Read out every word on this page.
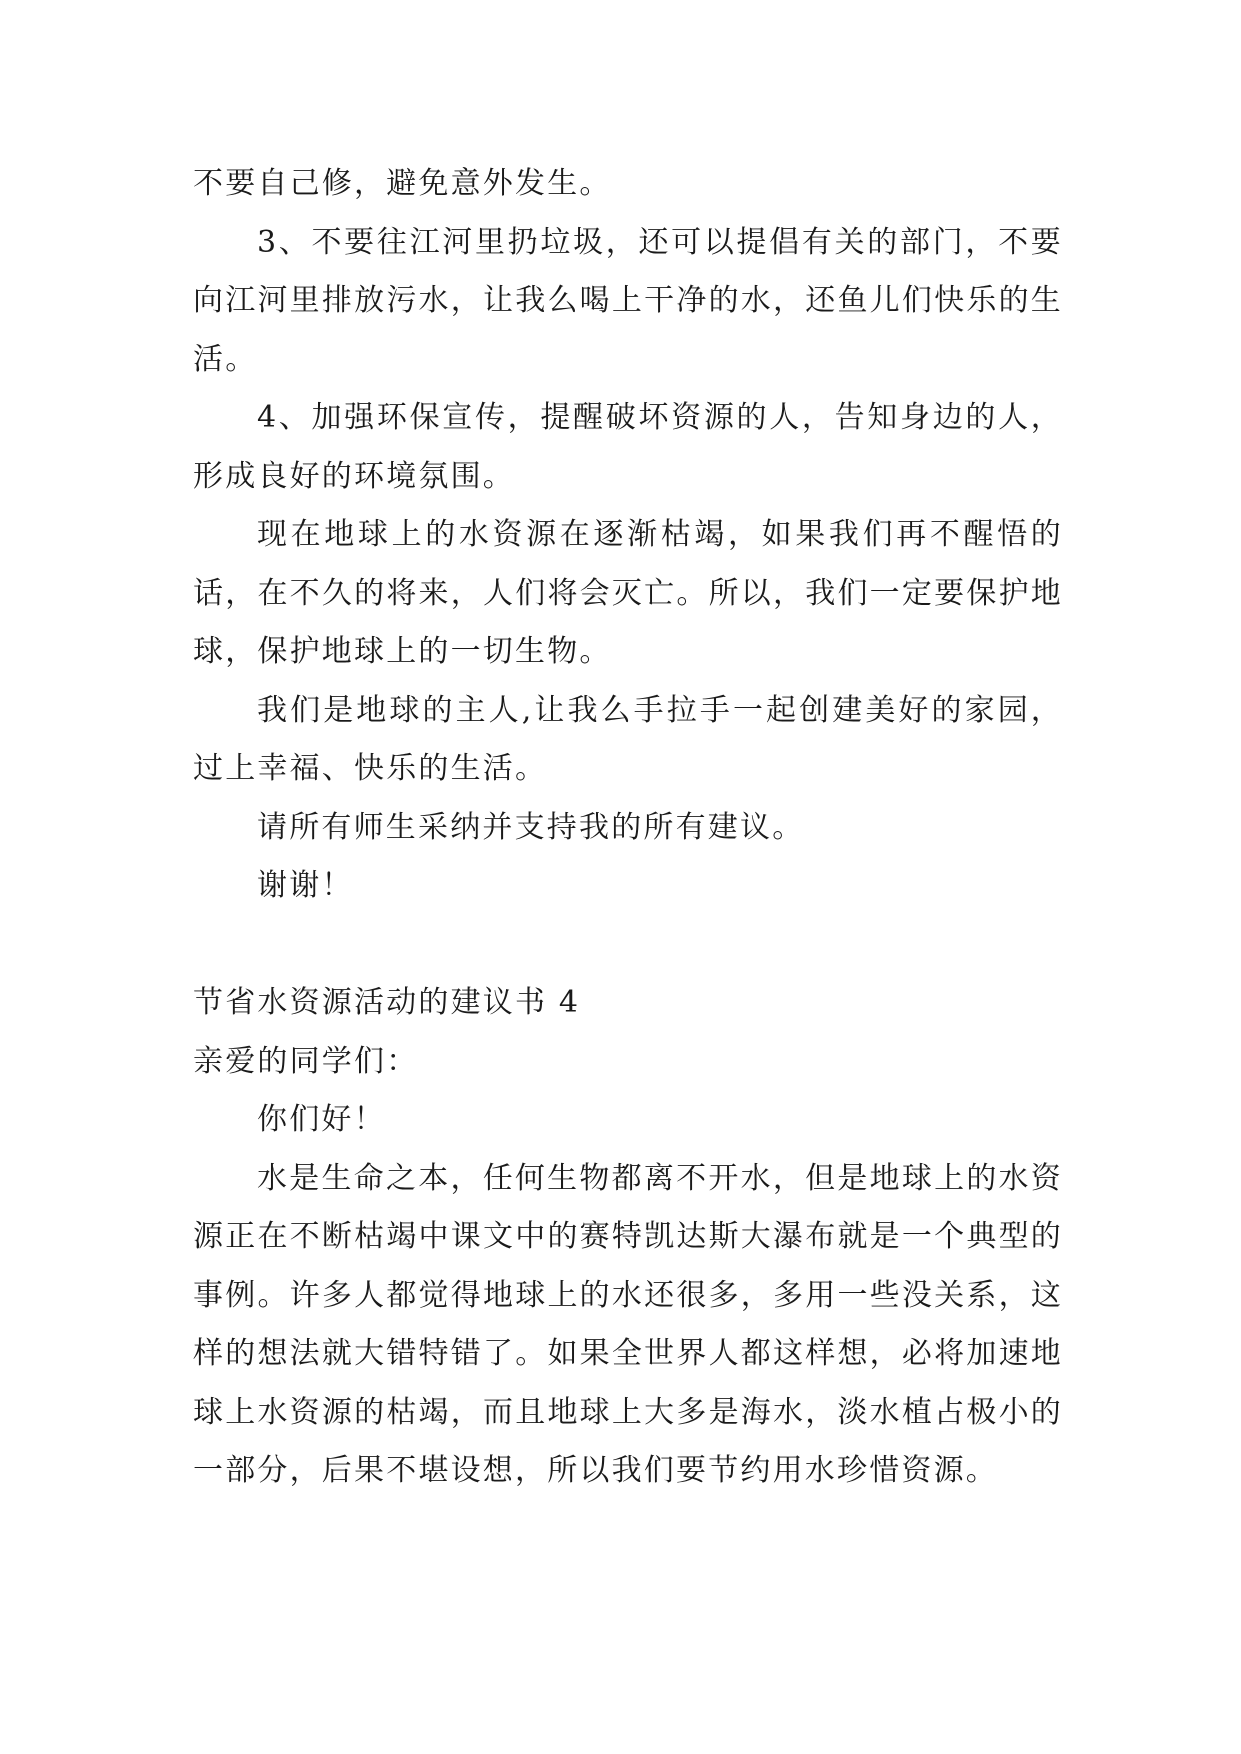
不要自己修，避免意外发生。

3、不要往江河里扔垃圾，还可以提倡有关的部门，不要向江河里排放污水，让我么喝上干净的水，还鱼儿们快乐的生活。

4、加强环保宣传，提醒破坏资源的人，告知身边的人，形成良好的环境氛围。

现在地球上的水资源在逐渐枯竭，如果我们再不醒悟的话，在不久的将来，人们将会灭亡。所以，我们一定要保护地球，保护地球上的一切生物。

我们是地球的主人,让我么手拉手一起创建美好的家园，过上幸福、快乐的生活。

请所有师生采纳并支持我的所有建议。

谢谢！

节省水资源活动的建议书 4

亲爱的同学们：

你们好！

水是生命之本，任何生物都离不开水，但是地球上的水资源正在不断枯竭中课文中的赛特凯达斯大瀑布就是一个典型的事例。许多人都觉得地球上的水还很多，多用一些没关系，这样的想法就大错特错了。如果全世界人都这样想，必将加速地球上水资源的枯竭，而且地球上大多是海水，淡水植占极小的一部分，后果不堪设想，所以我们要节约用水珍惜资源。
